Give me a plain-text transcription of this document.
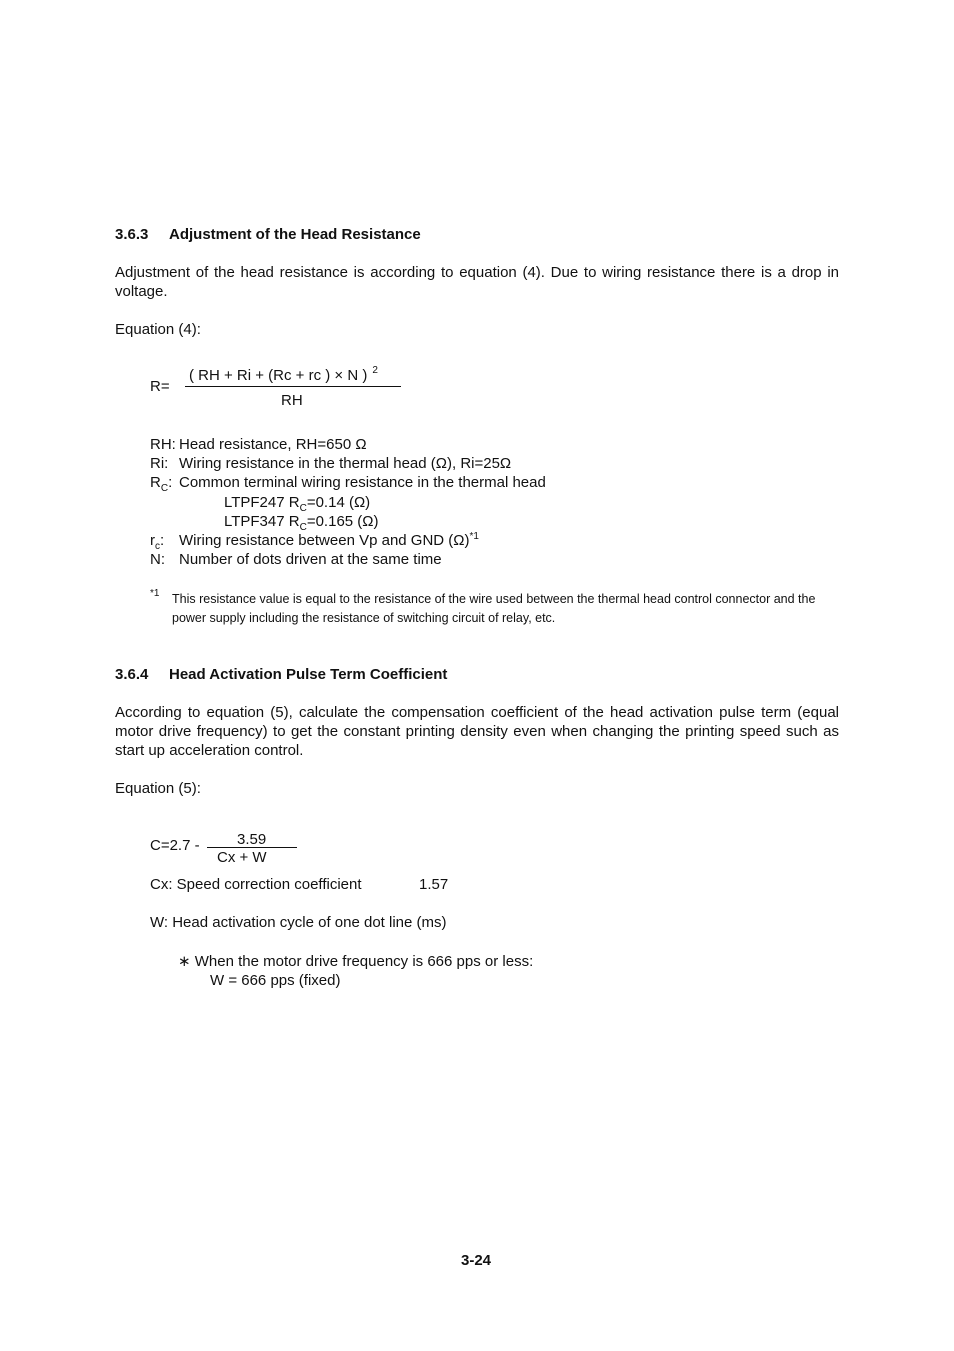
3.6.3 Adjustment of the Head Resistance
Adjustment of the head resistance is according to equation (4). Due to wiring resistance there is a drop in voltage.
Equation (4):
R=
( RH + Ri + (Rc + rc ) × N ) $^2$
RH
RH: Head resistance, RH=650 Ω
Ri: Wiring resistance in the thermal head (Ω), Ri=25Ω
$R_C$: Common terminal wiring resistance in the thermal head
LTPF247 $R_C=0.14$ (Ω)
LTPF347 $R_C=0.165$ (Ω)
$r_c$: Wiring resistance between Vp and GND $(\Omega)^{*1}$
N: Number of dots driven at the same time
*1 This resistance value is equal to the resistance of the wire used between the thermal head control connector and the
power supply including the resistance of switching circuit of relay, etc.
3.6.4 Head Activation Pulse Term Coefficient
According to equation (5), calculate the compensation coefficient of the head activation pulse term (equal motor drive frequency) to get the constant printing density even when changing the printing speed such as start up acceleration control.
Equation (5):
C=2.7 - 3.59
Cx + W
Cx: Speed correction coefficient	1.57
W: Head activation cycle of one dot line (ms)
∗ When the motor drive frequency is 666 pps or less:
W = 666 pps (fixed)
3-24
